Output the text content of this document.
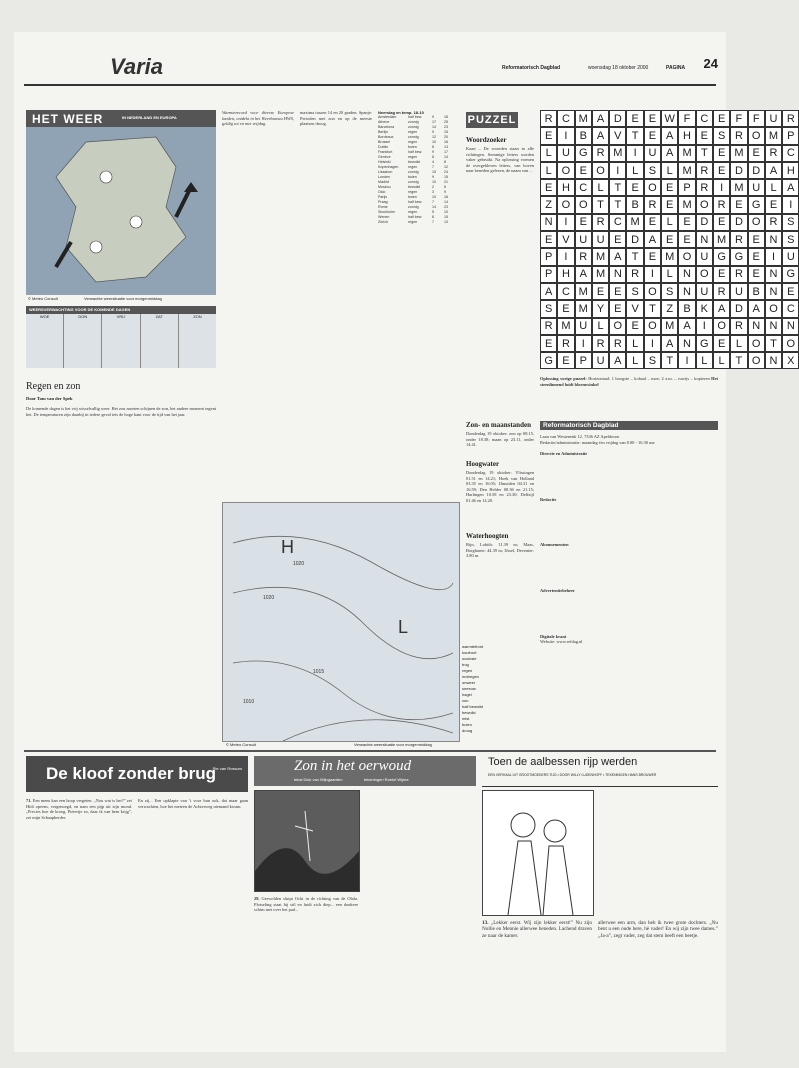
Varia	Reformatorisch Dagblad	woensdag 18 oktober 2000	PAGINA 24
HET WEER	IN NEDERLAND EN EUROPA
© Meteo Consult	Verwachte weersituatie voor morgenmiddag
WEERSVERWACHTING VOOR DE KOMENDE DAGEN
WOE	DON	VRIJ	ZAT	ZON
Regen en zon
Door Tom van der Spek
De komende dagen is het vrij wisselvallig weer. Het zou moeten schijnen de zon, het andere moment regent het. De temperaturen zijn daarbij in iedere geval iets de hoge kant voor de tijd van het jaar.
Warmterecord voor diverse Europese landen, ontdekt in het Weerbureau HWS, geldig tot en met vrijdag.
maxima tussen 14 en 20 graden. Spanje: Perioden met zon en op de meeste plaatsen droog.
Neerslag en temp. 18-10
Amsterdam	half bew.	9	16
Athene	zonnig	17	25
Barcelona	zonnig	14	23
Berlijn	regen	9	15
Bordeaux	zonnig	12	20
Brussel	regen	10	16
Dublin	buien	8	13
Frankfurt	half bew.	9	17
Genève	regen	8	14
Helsinki	bewolkt	4	8
Kopenhagen	regen	7	12
Lissabon	zonnig	15	24
Londen	buien	9	15
Madrid	zonnig	10	21
Moskou	bewolkt	2	6
Oslo	regen	3	9
Parijs	buien	10	16
Praag	half bew.	7	14
Rome	zonnig	14	23
Stockholm	regen	5	10
Wenen	half bew.	8	15
Zürich	regen	7	13
1020
1020
1015
1010
H
L
© Meteo Consult	Verwachte weersituatie voor morgenmiddag
warmtefront
koufront
occlusie
trog
regen
motregen
onweer
sneeuw
hagel
zon
half bewolkt
bewolkt
mist
buien
droog
PUZZEL
Woordzoeker
Kaart – De woorden staan in alle richtingen. Sommige letters worden vaker gebruikt. Na oplossing vormen de overgebleven letters, van boven naar beneden gelezen, de naam van ...
R C M A D E E W F C E F F U R
E	I	B A V T E A H E S R O M P
L U G R M	I	U A M T E M E R C
L O E O	I	L S L M R E D D A H
E H C L T E O E P R	I	M U L A
Z O O T T B R E M O R E G E	I
N	I	E R C M E L E D E D O R S
E V U U E D A E E N M R E N S
P	I	R M A T E M O U G G E	I	U
P H A M N R	I	L N O E R E N G
A C M E E S O S N U R U B N E
S E M Y E V T Z B K A D A O C
R M U L O E O M A	I	O R N N N
E R	I	R R L	I	A N G E L O T O
G E P U A L S T	I	L	L T O N X
Oplossing vorige puzzel: Horizontaal: 1 hoogste – kobaal – moe; 2 a.m. – ruwijs – kopieren Het steenlinnend luidt bloemwinkel
Zon- en maanstanden
Donderdag 19 oktober: zon op 08.15, onder 18.38; maan op 23.11, onder 14.41.
Hoogwater
Donderdag 19 oktober: Vlissingen 01.51 en 14.21; Hoek van Holland 03.35 en 16.05; IJmuiden 04.31 en 16.59; Den Helder 08.36 en 21.15; Harlingen 10.58 en 23.30; Delfzijl 01.46 en 14.20.
Waterhoogten
Rijn, Lobith: 11.39 m; Maas, Borgharen: 44.39 m; IJssel, Deventer: 3.80 m.
Reformatorisch Dagblad
Laan van Westenenk 12, 7336 AZ Apeldoorn
Redactie/administratie: maandag t/m vrijdag van 8.00 - 16.30 uur
Directie en Administratie
Redactie
Abonnementen
Advertentiebeheer
Digitale krant
Website: www.refdag.nl
De kloof zonder brug
Rie van Rossum
71. Een mens kan een hoop vergeten. „Nou wat is het?” zei Hidi opeens, vergenoegd, en nam een pijp uit zijn mond. „Precies hoe de kroeg, Pietertje zo, daar ik van hem krijg”, zei mijn Schaapherder.
En zij... Een opklapte van ’t voor hun ook, dat maar gaan verwachten, hoe het meteen de Achterweg niemand kwam.
Zon in het oerwoud
tekst Dick van Wijngaarden	tekeningen Roelof Wijma
28. Gerwolden sluipt Ochi in de richting van de Olala. Plotseling staat hij stil en luidt zich diep... een donkere schim met over het pad...
Toen de aalbessen rijp werden
EEN VERHAAL UIT GROOTMOEDERS TIJD • DOOR WILLY LUDENHOFF • TEKENINGEN HANS BROUWER
13. „Lekker eerst. Wij zijn lekker eerst!” Nu zijn Nollie en Mennie allerwee beneden. Lachend draven ze naar de kamer.
allerwee een arm, dan heb ik twee grote dochters. „Nu bent u een oude here, hè vader! En wij zijn twee dames.” „Ja-a”, zegt vader, zeg dat stem heeft een beetje.
